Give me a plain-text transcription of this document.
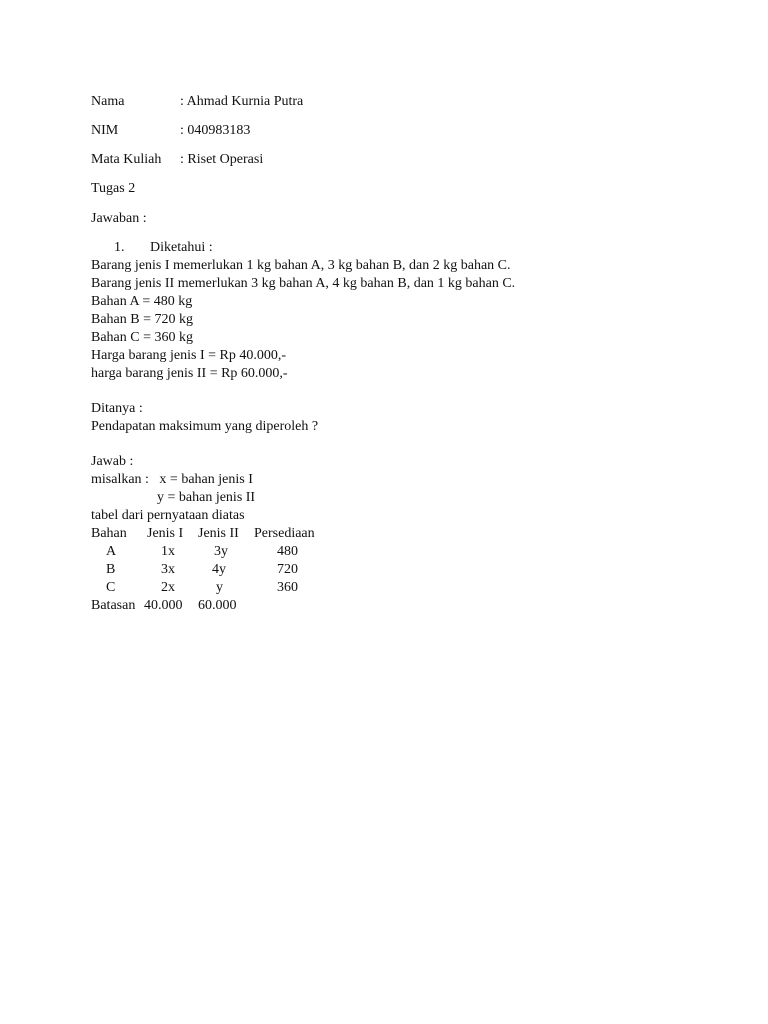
Nama	: Ahmad Kurnia Putra
NIM	: 040983183
Mata Kuliah : Riset Operasi
Tugas 2
Jawaban :
1. Diketahui :
Barang jenis I memerlukan 1 kg bahan A, 3 kg bahan B, dan 2 kg bahan C.
Barang jenis II memerlukan 3 kg bahan A, 4 kg bahan B, dan 1 kg bahan C.
Bahan A = 480 kg
Bahan B = 720 kg
Bahan C = 360 kg
Harga barang jenis I = Rp 40.000,-
harga barang jenis II = Rp 60.000,-
Ditanya :
Pendapatan maksimum yang diperoleh ?
Jawab :
misalkan :   x = bahan jenis I
y = bahan jenis II
tabel dari pernyataan diatas
Bahan Jenis I Jenis II Persediaan
A	1x	3y	480
B	3x	4y	720
C	2x	y	360
Batasan 40.000 60.000
